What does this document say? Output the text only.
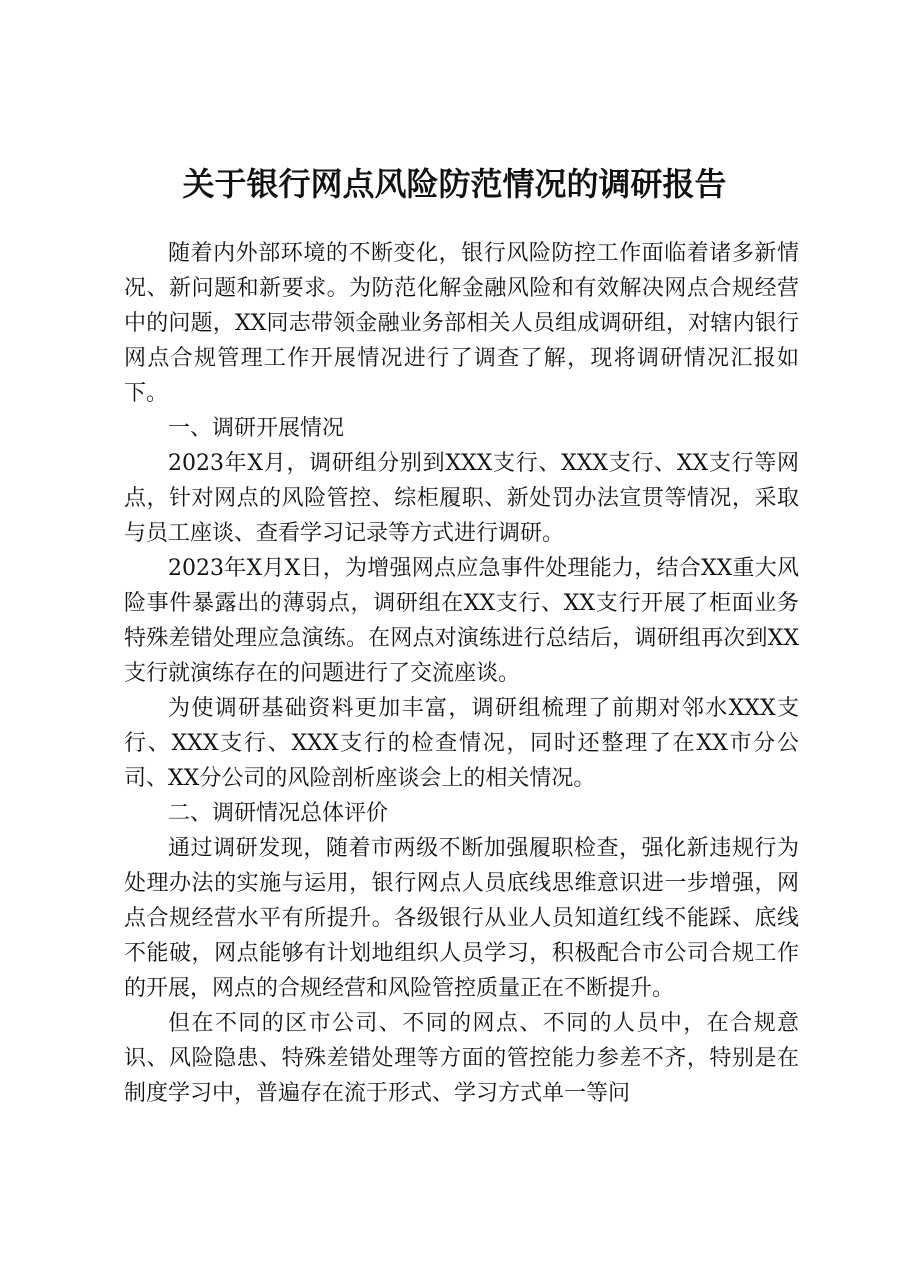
关于银行网点风险防范情况的调研报告

随着内外部环境的不断变化，银行风险防控工作面临着诸多新情况、新问题和新要求。为防范化解金融风险和有效解决网点合规经营中的问题，XX同志带领金融业务部相关人员组成调研组，对辖内银行网点合规管理工作开展情况进行了调查了解，现将调研情况汇报如下。

一、调研开展情况

2023年X月，调研组分别到XXX支行、XXX支行、XX支行等网点，针对网点的风险管控、综柜履职、新处罚办法宣贯等情况，采取与员工座谈、查看学习记录等方式进行调研。

2023年X月X日，为增强网点应急事件处理能力，结合XX重大风险事件暴露出的薄弱点，调研组在XX支行、XX支行开展了柜面业务特殊差错处理应急演练。在网点对演练进行总结后，调研组再次到XX支行就演练存在的问题进行了交流座谈。

为使调研基础资料更加丰富，调研组梳理了前期对邻水XXX支行、XXX支行、XXX支行的检查情况，同时还整理了在XX市分公司、XX分公司的风险剖析座谈会上的相关情况。

二、调研情况总体评价

通过调研发现，随着市两级不断加强履职检查，强化新违规行为处理办法的实施与运用，银行网点人员底线思维意识进一步增强，网点合规经营水平有所提升。各级银行从业人员知道红线不能踩、底线不能破，网点能够有计划地组织人员学习，积极配合市公司合规工作的开展，网点的合规经营和风险管控质量正在不断提升。

但在不同的区市公司、不同的网点、不同的人员中，在合规意识、风险隐患、特殊差错处理等方面的管控能力参差不齐，特别是在制度学习中，普遍存在流于形式、学习方式单一等问
